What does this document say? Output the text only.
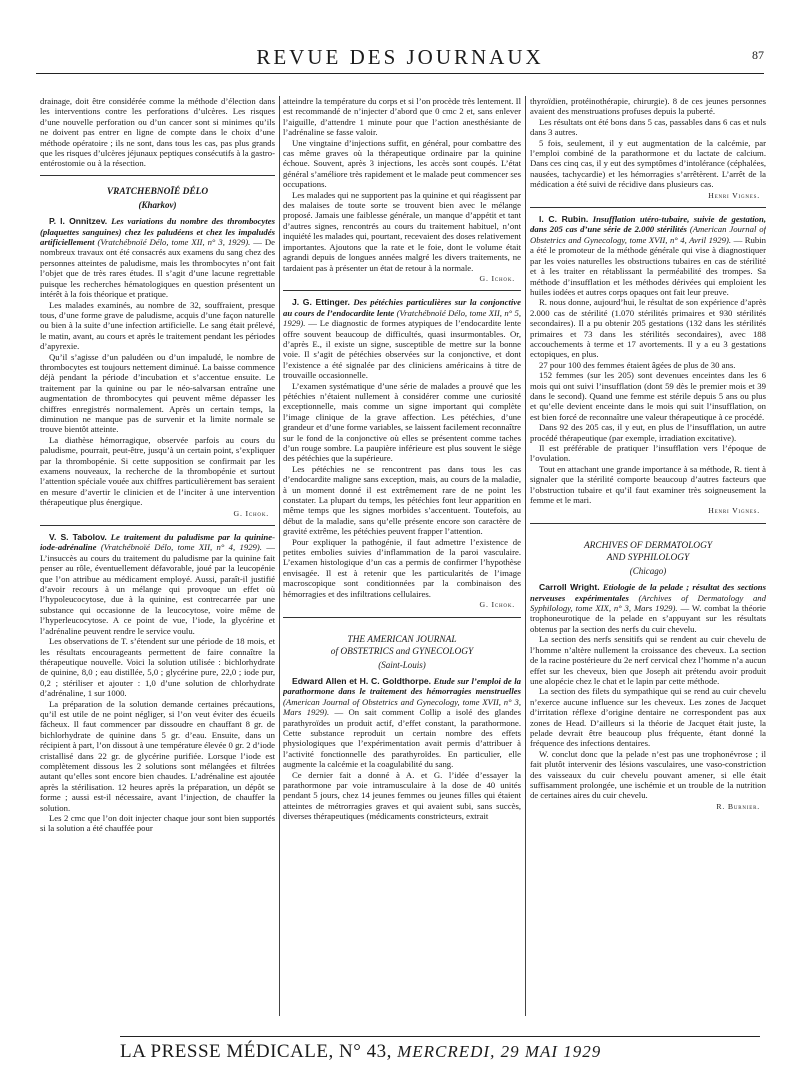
REVUE DES JOURNAUX	87

drainage, doit être considérée comme la méthode d’élection dans les interventions contre les perforations d’ulcères. Les risques d’une nouvelle perforation ou d’un cancer sont si minimes qu’ils ne doivent pas entrer en ligne de compte dans le choix d’une méthode opératoire ; ils ne sont, dans tous les cas, pas plus grands que les risques d’ulcères jéjunaux peptiques consécutifs à la gastro-entérostomie ou à la résection.

VRATCHEBNOÏÉ DÉLO
(Kharkov)

P. I. Onnitzev. Les variations du nombre des thrombocytes (plaquettes sanguines) chez les paludéens et chez les impaludés artificiellement (Vratchébnoïé Délo, tome XII, n° 3, 1929). — De nombreux travaux ont été consacrés aux examens du sang chez des personnes atteintes de paludisme, mais les thrombocytes n’ont fait l’objet que de très rares études. Il s’agit d’une lacune regrettable puisque les recherches hématologiques en question présentent un intérêt à la fois théorique et pratique.

Les malades examinés, au nombre de 32, souffraient, presque tous, d’une forme grave de paludisme, acquis d’une façon naturelle ou bien à la suite d’une infection artificielle. Le sang était prélevé, le matin, avant, au cours et après le traitement pendant les périodes d’apyrexie.

Qu’il s’agisse d’un paludéen ou d’un impaludé, le nombre de thrombocytes est toujours nettement diminué. La baisse commence déjà pendant la période d’incubation et s’accentue ensuite. Le traitement par la quinine ou par le néo-salvarsan entraîne une augmentation de thrombocytes qui peuvent même dépasser les chiffres enregistrés normalement. Après un certain temps, la diminution ne manque pas de survenir et la limite normale se trouve bientôt atteinte.

La diathèse hémorragique, observée parfois au cours du paludisme, pourrait, peut-être, jusqu’à un certain point, s’expliquer par la thrombopénie. Si cette supposition se confirmait par les examens nouveaux, la recherche de la thrombopénie et surtout l’attention spéciale vouée aux chiffres particulièrement bas seraient en mesure d’avertir le clinicien et de l’inciter à une intervention thérapeutique plus énergique.

G. Ichok.

V. S. Tabolov. Le traitement du paludisme par la quinine-iode-adrénaline (Vratchébnoïé Délo, tome XII, n° 4, 1929). — L’insuccès au cours du traitement du paludisme par la quinine fait penser au rôle, éventuellement défavorable, joué par la leucopénie que l’on attribue au médicament employé. Aussi, paraît-il justifié d’avoir recours à un mélange qui provoque un effet où l’hypoleucocytose, due à la quinine, est contrecarrée par une substance qui occasionne de la leucocytose, voire même de l’hyperleucocytose. A ce point de vue, l’iode, la glycérine et l’adrénaline peuvent rendre le service voulu.

Les observations de T. s’étendent sur une période de 18 mois, et les résultats encourageants permettent de faire connaître la thérapeutique nouvelle. Voici la solution utilisée : bichlorhydrate de quinine, 8,0 ; eau distillée, 5,0 ; glycérine pure, 22,0 ; iode pur, 0,2 ; stériliser et ajouter : 1,0 d’une solution de chlorhydrate d’adrénaline, 1 sur 1000.

La préparation de la solution demande certaines précautions, qu’il est utile de ne point négliger, si l’on veut éviter des écueils fâcheux. Il faut commencer par dissoudre en chauffant 8 gr. de bichlorhydrate de quinine dans 5 gr. d’eau. Ensuite, dans un récipient à part, l’on dissout à une température élevée 0 gr. 2 d’iode cristallisé dans 22 gr. de glycérine purifiée. Lorsque l’iode est complètement dissous les 2 solutions sont mélangées et filtrées autant qu’elles sont encore bien chaudes. L’adrénaline est ajoutée après la stérilisation. 12 heures après la préparation, un dépôt se forme ; aussi est-il nécessaire, avant l’injection, de chauffer la solution.

Les 2 cmc que l’on doit injecter chaque jour sont bien supportés si la solution a été chauffée pour

atteindre la température du corps et si l’on procède très lentement. Il est recommandé de n’injecter d’abord que 0 cmc 2 et, sans enlever l’aiguille, d’attendre 1 minute pour que l’action anesthésiante de l’adrénaline se fasse valoir.

Une vingtaine d’injections suffit, en général, pour combattre des cas même graves où la thérapeutique ordinaire par la quinine échoue. Souvent, après 3 injections, les accès sont coupés. L’état général s’améliore très rapidement et le malade peut commencer ses occupations.

Les malades qui ne supportent pas la quinine et qui réagissent par des malaises de toute sorte se trouvent bien avec le mélange proposé. Jamais une faiblesse générale, un manque d’appétit et tant d’autres signes, rencontrés au cours du traitement habituel, n’ont inquiété les malades qui, pourtant, recevaient des doses relativement importantes. Ajoutons que la rate et le foie, dont le volume était agrandi depuis de longues années malgré les divers traitements, ne tardaient pas à présenter un état de retour à la normale.

G. Ichok.

J. G. Ettinger. Des pétéchies particulières sur la conjonctive au cours de l’endocardite lente (Vratchébnoïé Délo, tome XII, n° 5, 1929). — Le diagnostic de formes atypiques de l’endocardite lente offre souvent beaucoup de difficultés, quasi insurmontables. Or, d’après E., il existe un signe, susceptible de mettre sur la bonne voie. Il s’agit de pétéchies observées sur la conjonctive, et dont l’existence a été signalée par des cliniciens américains à titre de trouvaille occasionnelle.

L’examen systématique d’une série de malades a prouvé que les pétéchies n’étaient nullement à considérer comme une curiosité exceptionnelle, mais comme un signe important qui complète l’image clinique de la grave affection. Les pétéchies, d’une grandeur et d’une forme variables, se laissent facilement reconnaître sur le fond de la conjonctive où elles se présentent comme taches d’un rouge sombre. La paupière inférieure est plus souvent le siège des pétéchies que la supérieure.

Les pétéchies ne se rencontrent pas dans tous les cas d’endocardite maligne sans exception, mais, au cours de la maladie, à un moment donné il est extrêmement rare de ne point les constater. La plupart du temps, les pétéchies font leur apparition en même temps que les signes morbides s’accentuent. Toutefois, au début de la maladie, sans qu’elle présente encore son caractère de gravité extrême, les pétéchies peuvent frapper l’attention.

Pour expliquer la pathogénie, il faut admettre l’existence de petites embolies suivies d’inflammation de la paroi vasculaire. L’examen histologique d’un cas a permis de confirmer l’hypothèse envisagée. Il est à retenir que les particularités de l’image macroscopique sont conditionnées par la combinaison des hémorragies et des infiltrations cellulaires.

G. Ichok.
THE AMERICAN JOURNAL
of OBSTETRICS and GYNECOLOGY
(Saint-Louis)

Edward Allen et H. C. Goldthorpe. Etude sur l’emploi de la parathormone dans le traitement des hémorragies menstruelles (American Journal of Obstetrics and Gynecology, tome XVII, n° 3, Mars 1929). — On sait comment Collip a isolé des glandes parathyroïdes un produit actif, d’effet constant, la parathormone. Cette substance reproduit un certain nombre des effets physiologiques que l’expérimentation avait permis d’attribuer à l’activité fonctionnelle des parathyroïdes. En particulier, elle augmente la calcémie et la coagulabilité du sang.

Ce dernier fait a donné à A. et G. l’idée d’essayer la parathormone par voie intramusculaire à la dose de 40 unités pendant 5 jours, chez 14 jeunes femmes ou jeunes filles qui étaient atteintes de métrorragies graves et qui avaient subi, sans succès, diverses thérapeutiques (médicaments constricteurs, extrait

thyroïdien, protéinothérapie, chirurgie). 8 de ces jeunes personnes avaient des menstruations profuses depuis la puberté.

Les résultats ont été bons dans 5 cas, passables dans 6 cas et nuls dans 3 autres.

5 fois, seulement, il y eut augmentation de la calcémie, par l’emploi combiné de la parathormone et du lactate de calcium. Dans ces cinq cas, il y eut des symptômes d’intolérance (céphalées, nausées, tachycardie) et les hémorragies s’arrêtèrent. L’arrêt de la médication a été suivi de récidive dans plusieurs cas.

Henri Vignes.

I. C. Rubin. Insufflation utéro-tubaire, suivie de gestation, dans 205 cas d’une série de 2.000 stérilités (American Journal of Obstetrics and Gynecology, tome XVII, n° 4, Avril 1929). — Rubin a été le promoteur de la méthode générale qui vise à diagnostiquer par les voies naturelles les obstructions tubaires en cas de stérilité et à les traiter en rétablissant la perméabilité des trompes. Sa méthode d’insufflation et les méthodes dérivées qui emploient les huiles iodées et autres corps opaques ont fait leur preuve.

R. nous donne, aujourd’hui, le résultat de son expérience d’après 2.000 cas de stérilité (1.070 stérilités primaires et 930 stérilités secondaires). Il a pu obtenir 205 gestations (132 dans les stérilités primaires et 73 dans les stérilités secondaires), avec 188 accouchements à terme et 17 avortements. Il y a eu 3 gestations ectopiques, en plus.

27 pour 100 des femmes étaient âgées de plus de 30 ans.

152 femmes (sur les 205) sont devenues enceintes dans les 6 mois qui ont suivi l’insufflation (dont 59 dès le premier mois et 39 dans le second). Quand une femme est stérile depuis 5 ans ou plus et qu’elle devient enceinte dans le mois qui suit l’insufflation, on est bien forcé de reconnaître une valeur thérapeutique à ce procédé.

Dans 92 des 205 cas, il y eut, en plus de l’insufflation, un autre procédé thérapeutique (par exemple, irradiation excitative).

Il est préférable de pratiquer l’insufflation vers l’époque de l’ovulation.

Tout en attachant une grande importance à sa méthode, R. tient à signaler que la stérilité comporte beaucoup d’autres facteurs que l’obstruction tubaire et qu’il faut examiner très soigneusement la femme et le mari.

Henri Vignes.
ARCHIVES OF DERMATOLOGY
AND SYPHILOLOGY
(Chicago)

Carroll Wright. Etiologie de la pelade ; résultat des sections nerveuses expérimentales (Archives of Dermatology and Syphilology, tome XIX, n° 3, Mars 1929). — W. combat la théorie trophoneurotique de la pelade en s’appuyant sur les résultats obtenus par la section des nerfs du cuir chevelu.

La section des nerfs sensitifs qui se rendent au cuir chevelu de l’homme n’altère nullement la croissance des cheveux. La section de la racine postérieure du 2e nerf cervical chez l’homme n’a aucun effet sur les cheveux, bien que Joseph ait prétendu avoir produit une alopécie chez le chat et le lapin par cette méthode.

La section des filets du sympathique qui se rend au cuir chevelu n’exerce aucune influence sur les cheveux. Les zones de Jacquet d’irritation réflexe d’origine dentaire ne correspondent pas aux zones de Head. D’ailleurs si la théorie de Jacquet était juste, la pelade devrait être beaucoup plus fréquente, étant donné la fréquence des infections dentaires.

W. conclut donc que la pelade n’est pas une trophonévrose ; il fait plutôt intervenir des lésions vasculaires, une vaso-constriction des vaisseaux du cuir chevelu pouvant amener, si elle était suffisamment prolongée, une ischémie et un trouble de la nutrition de certaines aires du cuir chevelu.

R. Burnier.
LA PRESSE MÉDICALE, N° 43, MERCREDI, 29 MAI 1929
